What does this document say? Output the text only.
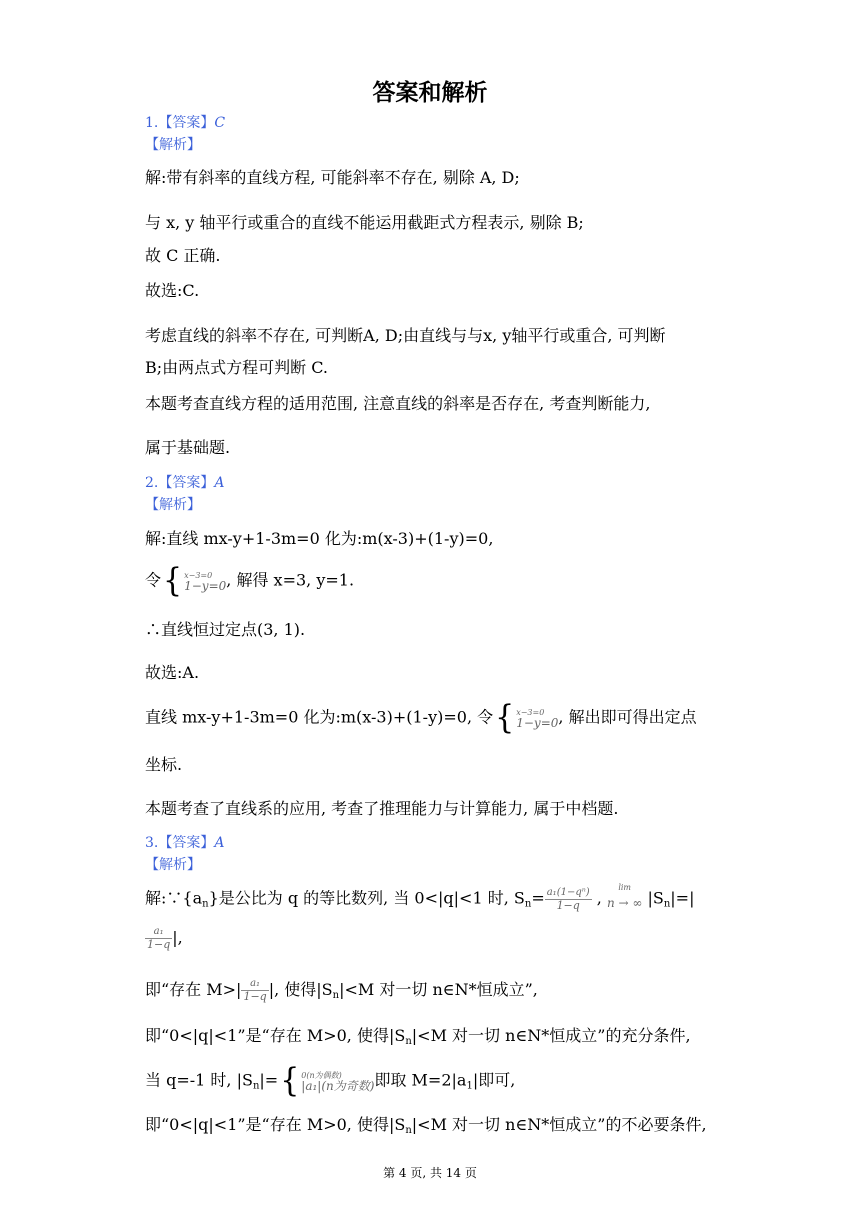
答案和解析
1.【答案】C
【解析】
解:带有斜率的直线方程, 可能斜率不存在, 剔除 A, D;
与 x, y 轴平行或重合的直线不能运用截距式方程表示, 剔除 B;
故 C 正确.
故选:C.
考虑直线的斜率不存在, 可判断A, D;由直线与与x, y轴平行或重合, 可判断
B;由两点式方程可判断 C.
本题考查直线方程的适用范围, 注意直线的斜率是否存在, 考查判断能力,
属于基础题.
2.【答案】A
【解析】
解:直线 mx-y+1-3m=0 化为:m(x-3)+(1-y)=0,
令{ x−3=0
1−y=0 , 解得 x=3, y=1.
∴直线恒过定点(3, 1).
故选:A.
直线 mx-y+1-3m=0 化为:m(x-3)+(1-y)=0, 令{ x−3=0
1−y=0 , 解出即可得出定点
坐标.
本题考查了直线系的应用, 考查了推理能力与计算能力, 属于中档题.
3.【答案】A
【解析】
解$:\because\{a_n\}$是公比为 q 的等比数列, 当 0<|q|<1 时, $S_n= \frac{\text{a₁(1−qⁿ)}}{1-q}$ ,
lim
n → ∞ $|S_n|=|$
$\frac{\text{a₁}}{1-q}$ |,
即“存在 $M>| \frac{\text{a₁}}{1-q}$ |, 使得$|S_n|<M$ 对一切 n∈N*恒成立”,
即“0<|q|<1”是“存在 M>0, 使得$|S_n|<M$ 对一切 n∈N*恒成立”的充分条件,
当 q=-1 时, $|S_n|=${ 0(n为偶数)
|a₁|(n为奇数) 即取 $M=2|a_1|$即可,
即“0<|q|<1”是“存在 M>0, 使得$|S_n|<M$ 对一切 n∈N*恒成立”的不必要条件,
第 4 页, 共 14 页
